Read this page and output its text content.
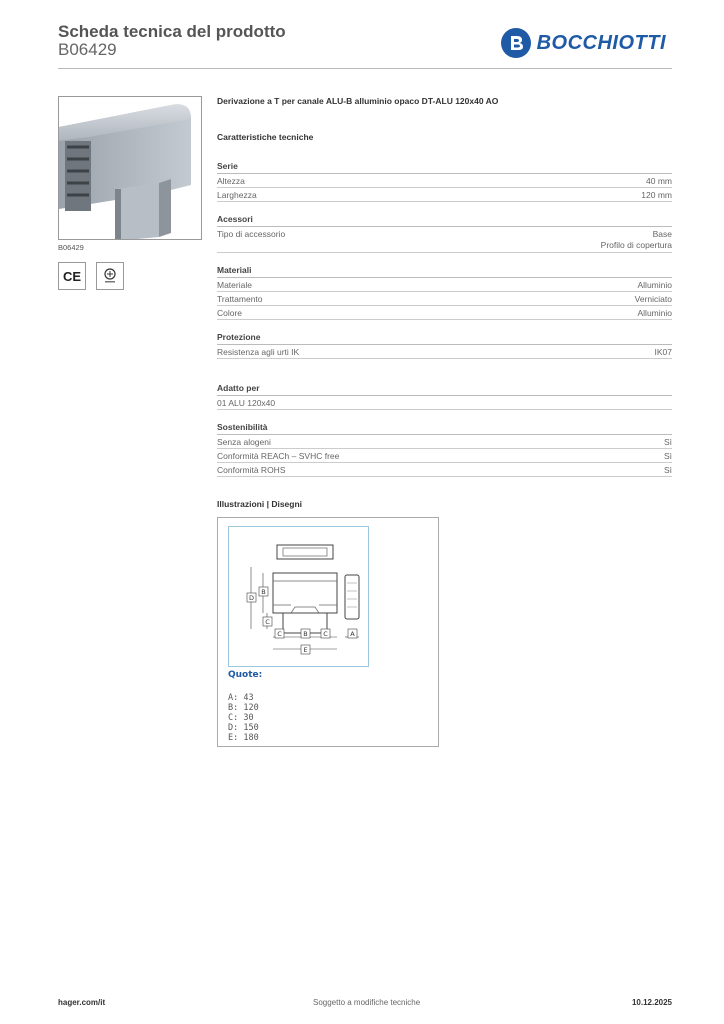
Scheda tecnica del prodotto
B06429	BOCCHIOTTI
B06429
CE
Derivazione a T per canale ALU-B alluminio opaco DT-ALU 120x40 AO
Caratteristiche tecniche
Serie
Altezza	40 mm
Larghezza	120 mm
Acessori
Tipo di accessorio	Base
Profilo di copertura
Materiali
Materiale	Alluminio
Trattamento	Verniciato
Colore	Alluminio
Protezione
Resistenza agli urti IK	IK07
Adatto per
01 ALU 120x40
Sostenibilità
Senza alogeni	Sì
Conformità REACh – SVHC free	Sì
Conformità ROHS	Sì
Illustrazioni | Disegni
D
B
C
C	B C	A
E
Quote:
A: 43
B: 120
C: 30
D: 150
E: 180
hager.com/it	Soggetto a modifiche tecniche	10.12.2025
